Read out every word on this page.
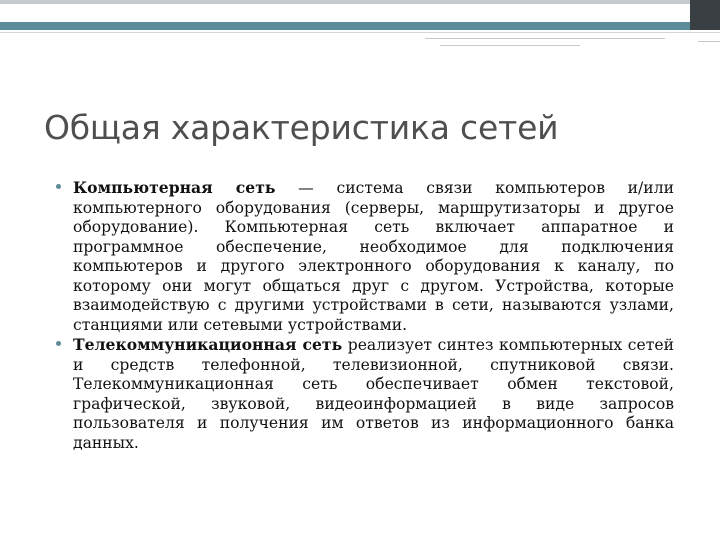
Общая характеристика сетей

Компьютерная сеть — система связи компьютеров и/или компьютерного оборудования (серверы, маршрутизаторы и другое оборудование). Компьютерная сеть включает аппаратное и программное обеспечение, необходимое для подключения компьютеров и другого электронного оборудования к каналу, по которому они могут общаться друг с другом. Устройства, которые взаимодействую с другими устройствами в сети, называются узлами, станциями или сетевыми устройствами.

Телекоммуникационная сеть реализует синтез компьютерных сетей и средств телефонной, телевизионной, спутниковой связи. Телекоммуникационная сеть обеспечивает обмен текстовой, графической, звуковой, видеоинформацией в виде запросов пользователя и получения им ответов из информационного банка данных.
